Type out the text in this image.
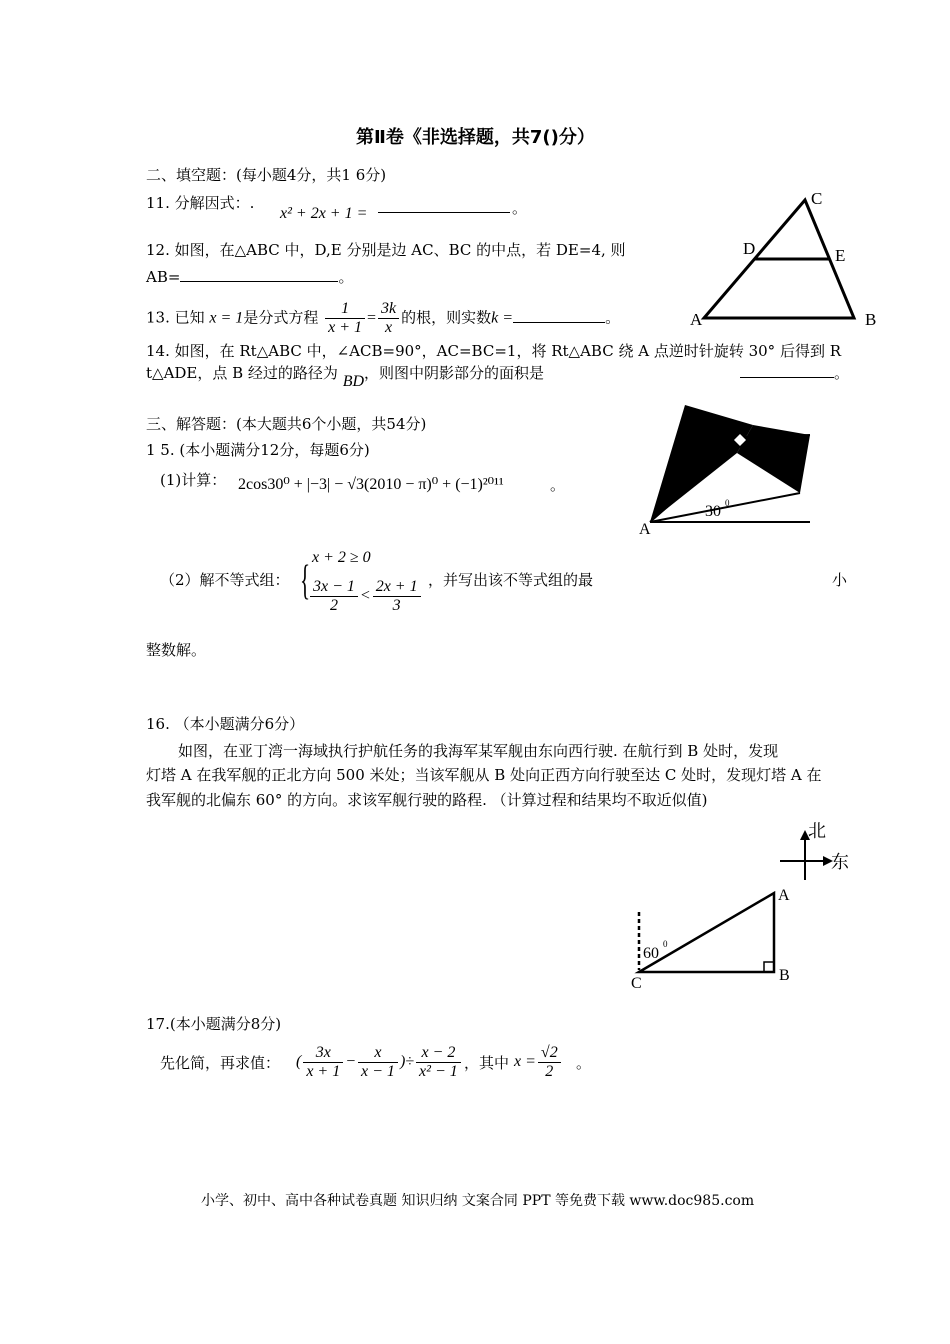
第Ⅱ卷《非选择题，共7()分）
二、填空题：(每小题4分，共1 6分)
11. 分解因式：.
x² + 2x + 1 =	。
12. 如图，在△ABC 中，D,E 分别是边 AC、BC 的中点，若 DE=4, 则
AB=	。
13. 已知 x = 1是分式方程 $\frac{1}{x + 1} = \frac{3k}{x}$ 的根，则实数k =	。
14. 如图，在 Rt△ABC 中，∠ACB=90°，AC=BC=1，将 Rt△ABC 绕 A 点逆时针旋转 30° 后得到 R
t△ADE，点 B 经过的路径为 BD，则图中阴影部分的面积是	。
三、解答题：(本大题共6个小题，共54分)
1 5. (本小题满分12分，每题6分)
(1)计算： 2cos30⁰ + |−3| − √3(2010 − π)⁰ + (−1)²⁰¹¹	。
（2）解不等式组： {
x + 2 ≥ 0
$\frac{3x - 1}{2} < \frac{2x + 1}{3}$ ，并写出该不等式组的最	小
整数解。
16. （本小题满分6分）
如图，在亚丁湾一海域执行护航任务的我海军某军舰由东向西行驶. 在航行到 B 处时，发现
灯塔 A 在我军舰的正北方向 500 米处；当该军舰从 B 处向正西方向行驶至达 C 处时，发现灯塔 A 在
我军舰的北偏东 60° 的方向。求该军舰行驶的路程. （计算过程和结果均不取近似值)
17.(本小题满分8分)
先化简，再求值： ( $\frac{3x}{x + 1} - \frac{x}{x - 1}$ )÷ $\frac{x - 2}{\text{x² − 1}}$ ，其中 $x = \frac{√2}{2}$ 。
A	B
C
D	E
A
30 0
北
东
A
B
C
60
0
小学、初中、高中各种试卷真题 知识归纳 文案合同 PPT 等免费下载 www.doc985.com
